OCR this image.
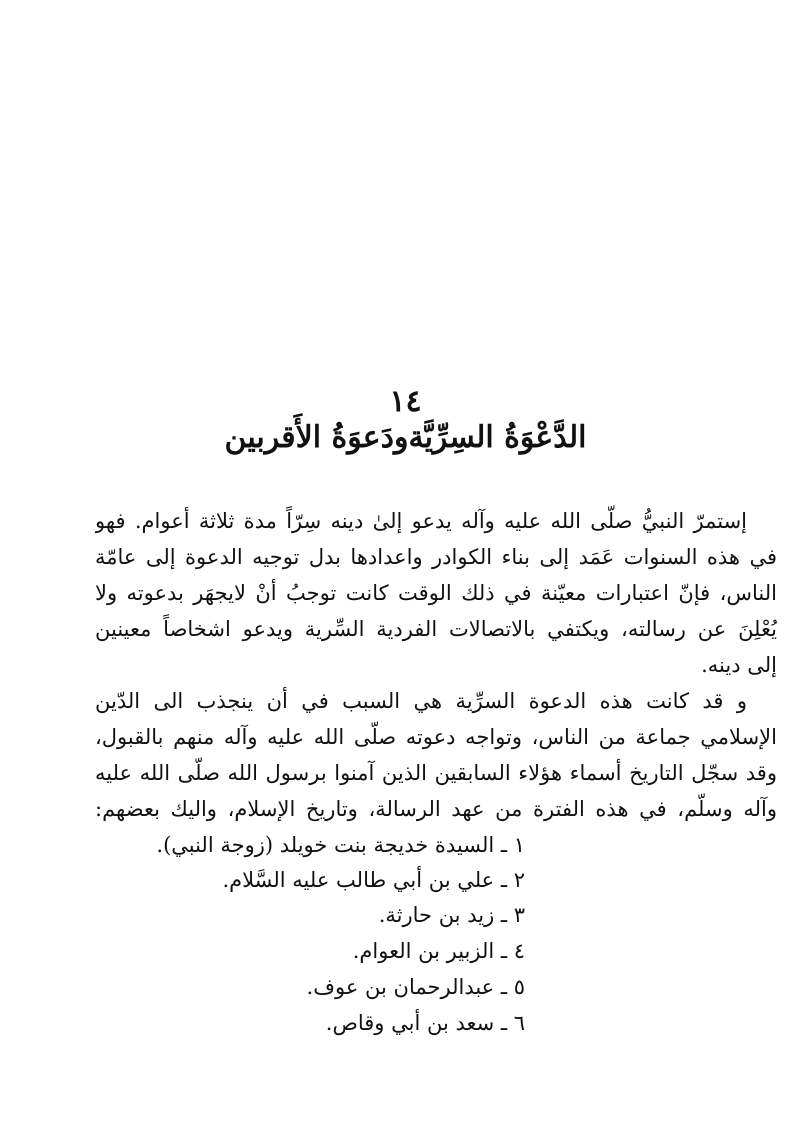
١٤
الدَّعْوَةُ السِرِّيَّةودَعوَةُ الأَقربين
إستمرّ النبيُّ صلّى الله عليه وآله يدعو إلىٰ دينه سِرّاً مدة ثلاثة أعوام. فهو
في هذه السنوات عَمَد إلى بناء الكوادر واعدادها بدل توجيه الدعوة إلى عامّة
الناس، فإنّ اعتبارات معيّنة في ذلك الوقت كانت توجبُ أنْ لايجهَر بدعوته ولا
يُعْلِنَ عن رسالته، ويكتفي بالاتصالات الفردية السِّرية ويدعو اشخاصاً معينين
إلى دينه.
و قد كانت هذه الدعوة السرِّية هي السبب في أن ينجذب الى الدّين
الإسلامي جماعة من الناس، وتواجه دعوته صلّى الله عليه وآله منهم بالقبول،
وقد سجّل التاريخ أسماء هؤلاء السابقين الذين آمنوا برسول الله صلّى الله عليه
وآله وسلّم، في هذه الفترة من عهد الرسالة، وتاريخ الإسلام، واليك بعضهم:
١ ـ السيدة خديجة بنت خويلد (زوجة النبي).
٢ ـ علي بن أبي طالب عليه السَّلام.
٣ ـ زيد بن حارثة.
٤ ـ الزبير بن العوام.
٥ ـ عبدالرحمان بن عوف.
٦ ـ سعد بن أبي وقاص.
